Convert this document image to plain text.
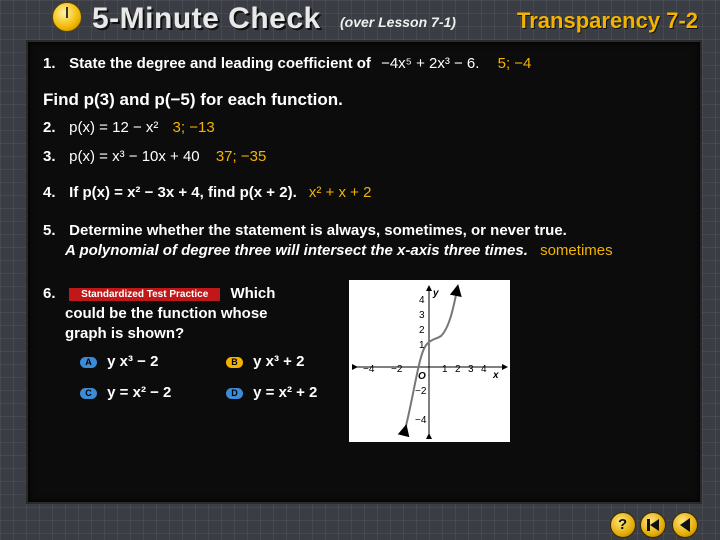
5-Minute Check (over Lesson 7-1)	Transparency 7-2
1. State the degree and leading coefficient of −4x⁵ + 2x³ − 6. 5; −4
Find p(3) and p(−5) for each function.
2. p(x) = 12 − x² 3; −13
3. p(x) = x³ − 10x + 40 37; −35
4. If p(x) = x² − 3x + 4, find p(x + 2). x² + x + 2
5. Determine whether the statement is always, sometimes, or never true.
A polynomial of degree three will intersect the x-axis three times. sometimes
6.	Standardized Test Practice Which
could be the function whose
graph is shown?
A y x³ − 2	B y x³ + 2
C y = x² − 2	D y = x² + 2
y
x
O
−4 −2	1 2 3 4
4
3
2
1
−2
−4
?
